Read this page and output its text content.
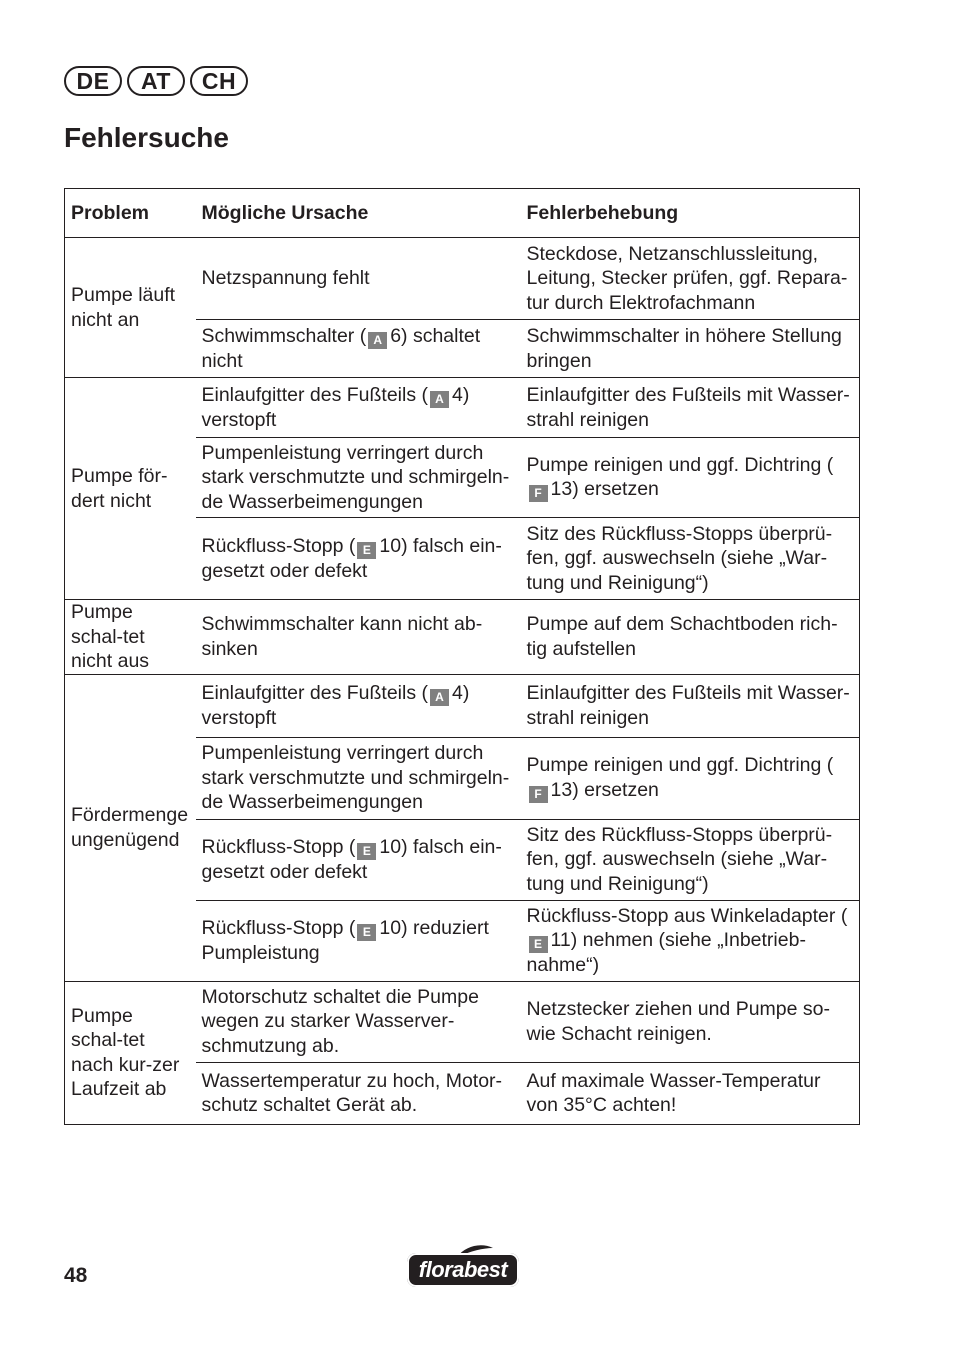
DE	AT	CH
Fehlersuche
Problem	Mögliche Ursache	Fehlerbehebung
Pumpe läuft nicht an	Netzspannung fehlt	Steckdose, Netzanschlussleitung, Leitung, Stecker prüfen, ggf. Repara-tur durch Elektrofachmann
	Schwimmschalter ( A 6) schaltet nicht	Schwimmschalter in höhere Stellung bringen
Pumpe för-dert nicht	Einlaufgitter des Fußteils ( A 4) verstopft	Einlaufgitter des Fußteils mit Wasser-strahl reinigen
	Pumpenleistung verringert durch stark verschmutzte und schmirgeln-de Wasserbeimengungen	Pumpe reinigen und ggf. Dichtring (F 13) ersetzen
	Rückfluss-Stopp ( E 10) falsch ein-gesetzt oder defekt	Sitz des Rückfluss-Stopps überprü-fen, ggf. auswechseln (siehe „War-tung und Reinigung“)
Pumpe schal-tet nicht aus	Schwimmschalter kann nicht ab-sinken	Pumpe auf dem Schachtboden rich-tig aufstellen
Fördermenge ungenügend	Einlaufgitter des Fußteils ( A 4) verstopft	Einlaufgitter des Fußteils mit Wasser-strahl reinigen
	Pumpenleistung verringert durch stark verschmutzte und schmirgeln-de Wasserbeimengungen	Pumpe reinigen und ggf. Dichtring (F 13) ersetzen
	Rückfluss-Stopp ( E 10) falsch ein-gesetzt oder defekt	Sitz des Rückfluss-Stopps überprü-fen, ggf. auswechseln (siehe „War-tung und Reinigung“)
	Rückfluss-Stopp ( E 10) reduziert Pumpleistung	Rückfluss-Stopp aus Winkeladapter (E 11) nehmen (siehe „Inbetrieb-nahme“)
Pumpe schal-tet nach kur-zer Laufzeit ab	Motorschutz schaltet die Pumpe wegen zu starker Wasserver-schmutzung ab.	Netzstecker ziehen und Pumpe so-wie Schacht reinigen.
	Wassertemperatur zu hoch, Motor-schutz schaltet Gerät ab.	Auf maximale Wasser-Temperatur von 35°C achten!
48	florabest
